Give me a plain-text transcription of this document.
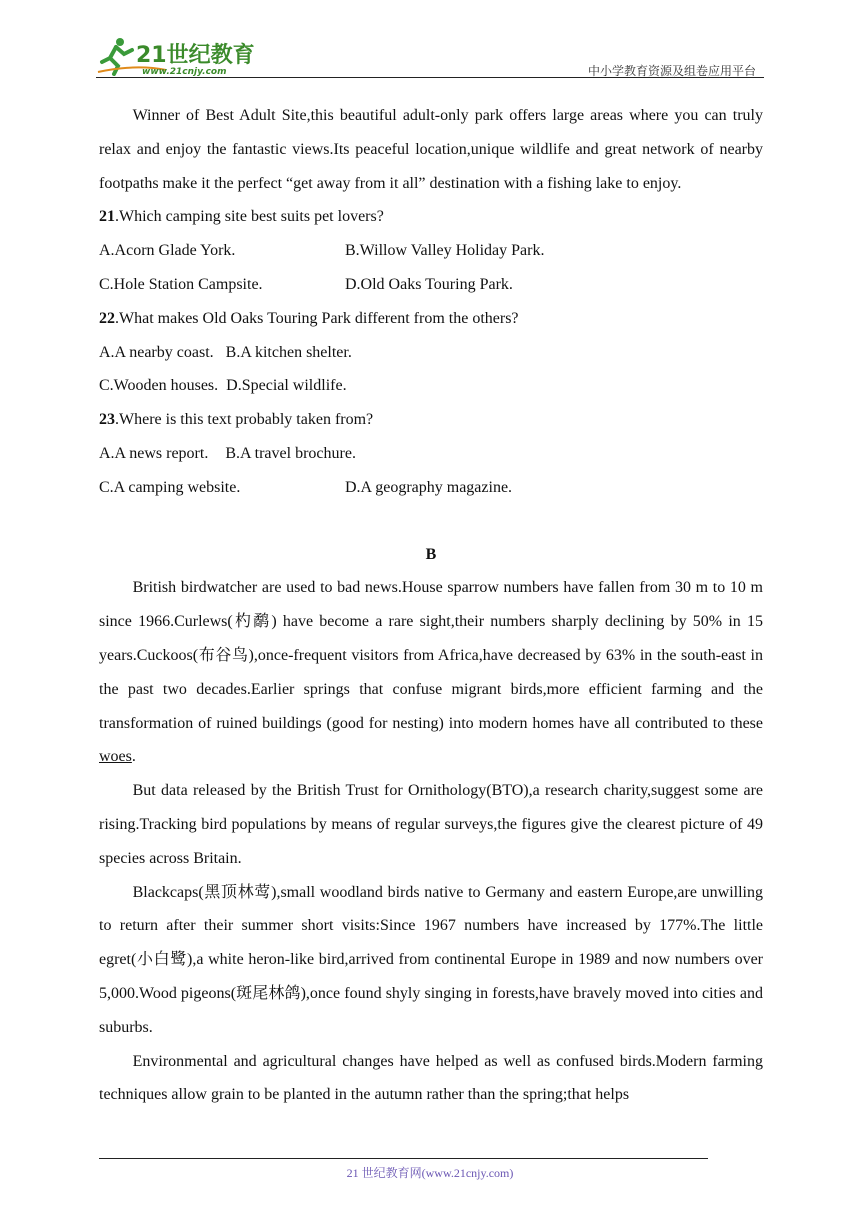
21世纪教育
www.21cnjy.com	中小学教育资源及组卷应用平台

Winner of Best Adult Site,this beautiful adult-only park offers large areas where you can truly relax and enjoy the fantastic views.Its peaceful location,unique wildlife and great network of nearby footpaths make it the perfect “get away from it all” destination with a fishing lake to enjoy.

21.Which camping site best suits pet lovers?

A.Acorn Glade York.	B.Willow Valley Holiday Park.

C.Hole Station Campsite.	D.Old Oaks Touring Park.

22.What makes Old Oaks Touring Park different from the others?

A.A nearby coast. B.A kitchen shelter.

C.Wooden houses. D.Special wildlife.

23.Where is this text probably taken from?

A.A news report. B.A travel brochure.

C.A camping website.	D.A geography magazine.

B

British birdwatcher are used to bad news.House sparrow numbers have fallen from 30 m to 10 m since 1966.Curlews(杓鹬) have become a rare sight,their numbers sharply declining by 50% in 15 years.Cuckoos(布谷鸟),once-frequent visitors from Africa,have decreased by 63% in the south-east in the past two decades.Earlier springs that confuse migrant birds,more efficient farming and the transformation of ruined buildings (good for nesting) into modern homes have all contributed to these woes.

But data released by the British Trust for Ornithology(BTO),a research charity,suggest some are rising.Tracking bird populations by means of regular surveys,the figures give the clearest picture of 49 species across Britain.

Blackcaps(黑顶林莺),small woodland birds native to Germany and eastern Europe,are unwilling to return after their summer short visits:Since 1967 numbers have increased by 177%.The little egret(小白鹭),a white heron-like bird,arrived from continental Europe in 1989 and now numbers over 5,000.Wood pigeons(斑尾林鸽),once found shyly singing in forests,have bravely moved into cities and suburbs.

Environmental and agricultural changes have helped as well as confused birds.Modern farming techniques allow grain to be planted in the autumn rather than the spring;that helps

21 世纪教育网(www.21cnjy.com)
